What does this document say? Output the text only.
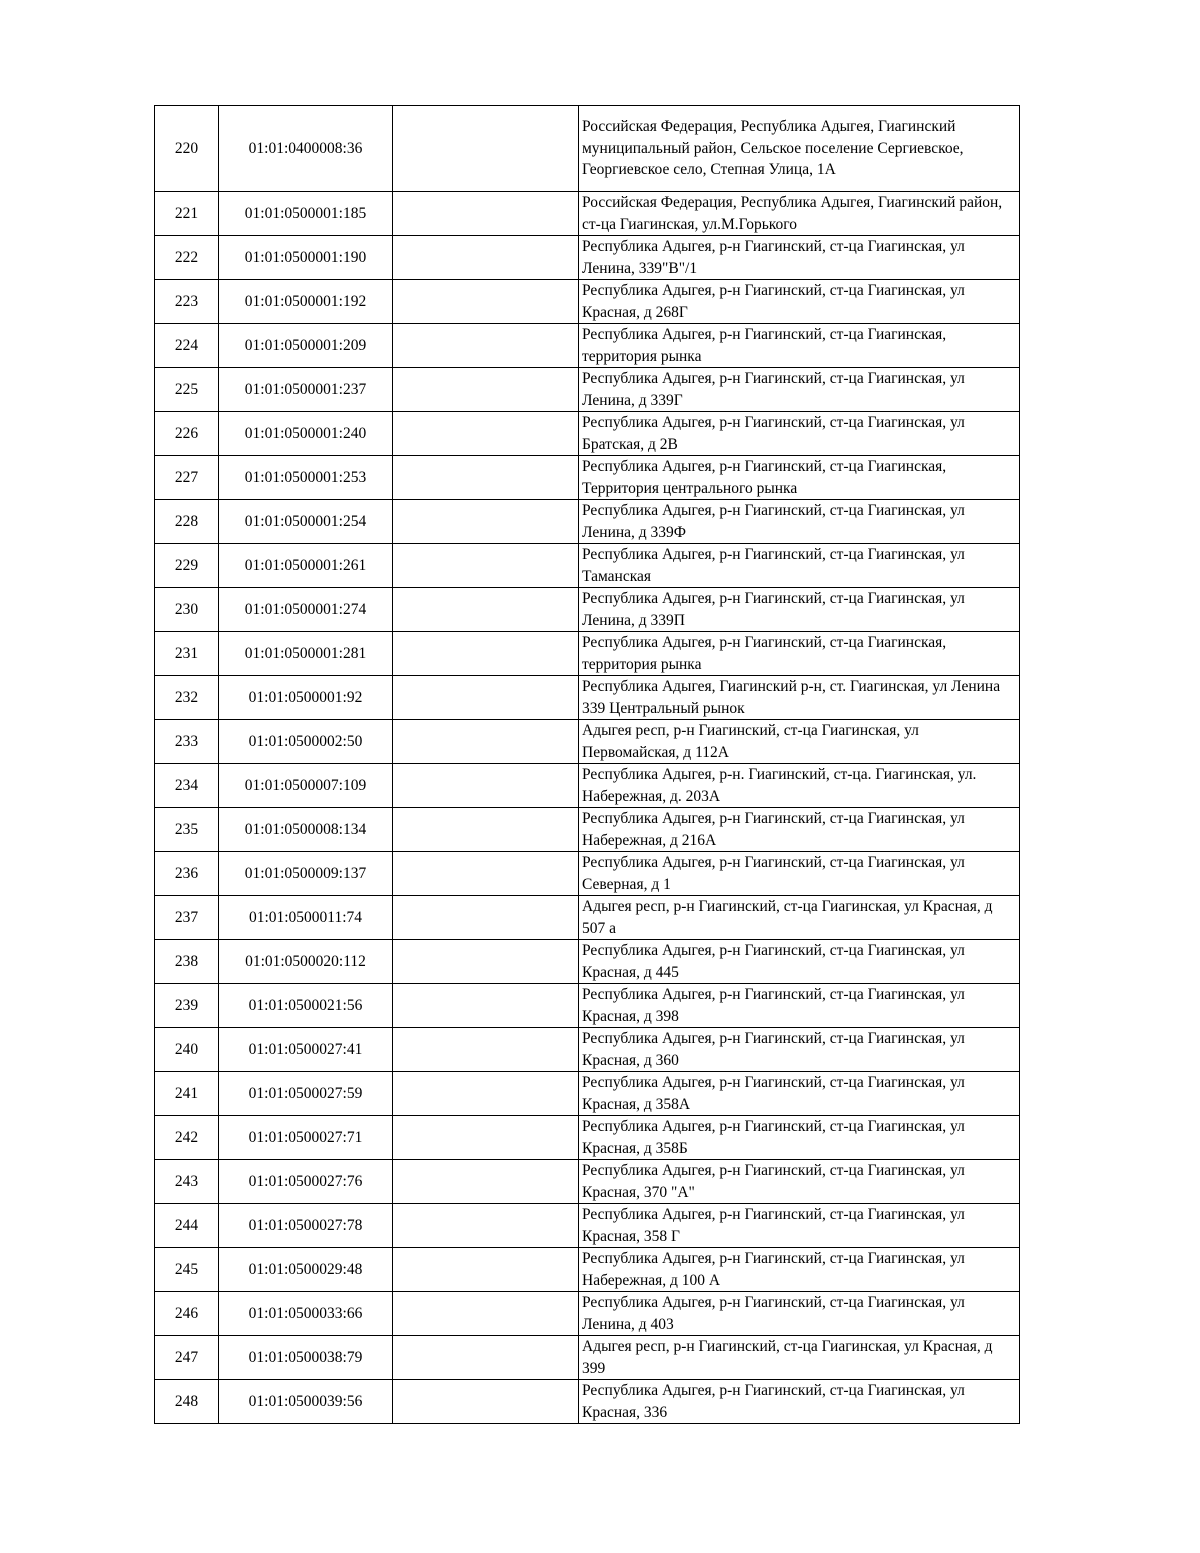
220	01:01:0400008:36		Российская Федерация, Республика Адыгея, Гиагинский муниципальный район, Сельское поселение Сергиевское, Георгиевское село, Степная Улица, 1А
221	01:01:0500001:185		Российская Федерация, Республика Адыгея, Гиагинский район, ст-ца Гиагинская, ул.М.Горького
222	01:01:0500001:190		Республика Адыгея, р-н Гиагинский, ст-ца Гиагинская, ул Ленина, 339"В"/1
223	01:01:0500001:192		Республика Адыгея, р-н Гиагинский, ст-ца Гиагинская, ул Красная, д 268Г
224	01:01:0500001:209		Республика Адыгея, р-н Гиагинский, ст-ца Гиагинская, территория рынка
225	01:01:0500001:237		Республика Адыгея, р-н Гиагинский, ст-ца Гиагинская, ул Ленина, д 339Г
226	01:01:0500001:240		Республика Адыгея, р-н Гиагинский, ст-ца Гиагинская, ул Братская, д 2В
227	01:01:0500001:253		Республика Адыгея, р-н Гиагинский, ст-ца Гиагинская, Территория центрального рынка
228	01:01:0500001:254		Республика Адыгея, р-н Гиагинский, ст-ца Гиагинская, ул Ленина, д 339Ф
229	01:01:0500001:261		Республика Адыгея, р-н Гиагинский, ст-ца Гиагинская, ул Таманская
230	01:01:0500001:274		Республика Адыгея, р-н Гиагинский, ст-ца Гиагинская, ул Ленина, д 339П
231	01:01:0500001:281		Республика Адыгея, р-н Гиагинский, ст-ца Гиагинская, территория рынка
232	01:01:0500001:92		Республика Адыгея, Гиагинский р-н, ст. Гиагинская, ул Ленина 339 Центральный рынок
233	01:01:0500002:50		Адыгея респ, р-н Гиагинский, ст-ца Гиагинская, ул Первомайская, д 112А
234	01:01:0500007:109		Республика Адыгея, р-н. Гиагинский, ст-ца. Гиагинская, ул. Набережная, д. 203А
235	01:01:0500008:134		Республика Адыгея, р-н Гиагинский, ст-ца Гиагинская, ул Набережная, д 216А
236	01:01:0500009:137		Республика Адыгея, р-н Гиагинский, ст-ца Гиагинская, ул Северная, д 1
237	01:01:0500011:74		Адыгея респ, р-н Гиагинский, ст-ца Гиагинская, ул Красная, д 507 а
238	01:01:0500020:112		Республика Адыгея, р-н Гиагинский, ст-ца Гиагинская, ул Красная, д 445
239	01:01:0500021:56		Республика Адыгея, р-н Гиагинский, ст-ца Гиагинская, ул Красная, д 398
240	01:01:0500027:41		Республика Адыгея, р-н Гиагинский, ст-ца Гиагинская, ул Красная, д 360
241	01:01:0500027:59		Республика Адыгея, р-н Гиагинский, ст-ца Гиагинская, ул Красная, д 358А
242	01:01:0500027:71		Республика Адыгея, р-н Гиагинский, ст-ца Гиагинская, ул Красная, д 358Б
243	01:01:0500027:76		Республика Адыгея, р-н Гиагинский, ст-ца Гиагинская, ул Красная, 370 "А"
244	01:01:0500027:78		Республика Адыгея, р-н Гиагинский, ст-ца Гиагинская, ул Красная, 358 Г
245	01:01:0500029:48		Республика Адыгея, р-н Гиагинский, ст-ца Гиагинская, ул Набережная, д 100 А
246	01:01:0500033:66		Республика Адыгея, р-н Гиагинский, ст-ца Гиагинская, ул Ленина, д 403
247	01:01:0500038:79		Адыгея респ, р-н Гиагинский, ст-ца Гиагинская, ул Красная, д 399
248	01:01:0500039:56		Республика Адыгея, р-н Гиагинский, ст-ца Гиагинская, ул Красная, 336
